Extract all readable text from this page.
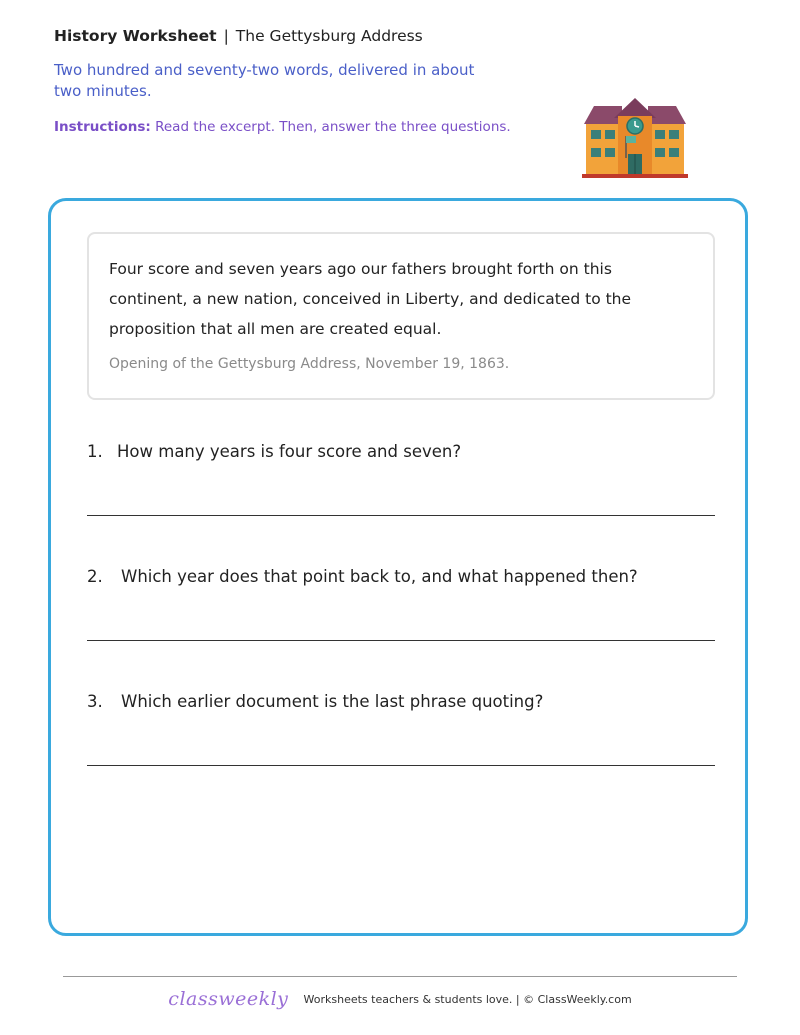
History Worksheet | The Gettysburg Address
Two hundred and seventy-two words, delivered in about two minutes.
Instructions: Read the excerpt. Then, answer the three questions.
Four score and seven years ago our fathers brought forth on this continent, a new nation, conceived in Liberty, and dedicated to the proposition that all men are created equal.
Opening of the Gettysburg Address, November 19, 1863.
1. How many years is four score and seven?
2. Which year does that point back to, and what happened then?
3. Which earlier document is the last phrase quoting?
classweekly Worksheets teachers & students love. | © ClassWeekly.com
